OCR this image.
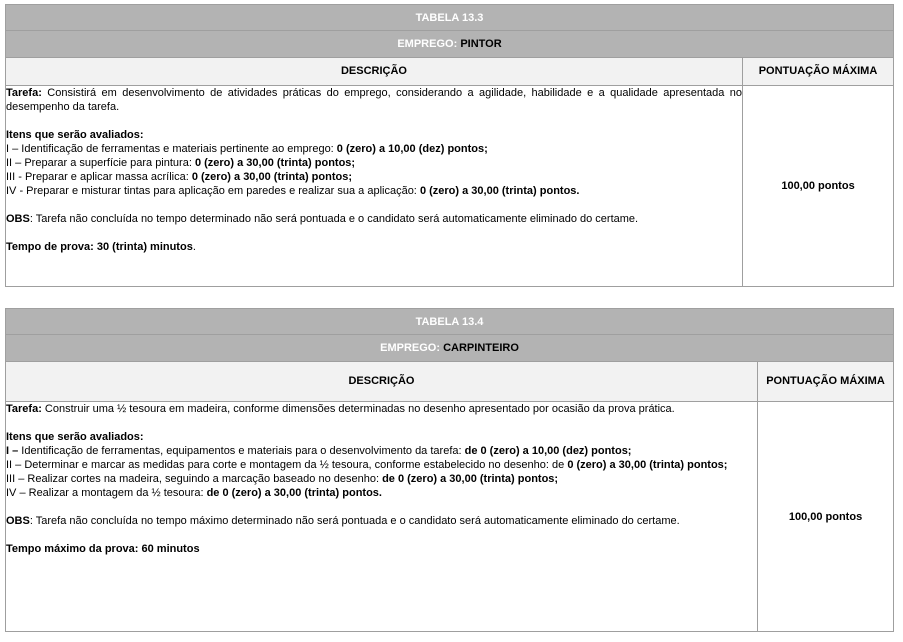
TABELA 13.3	
EMPREGO: PINTOR	
DESCRIÇÃO	PONTUAÇÃO MÁXIMA

Tarefa: Consistirá em desenvolvimento de atividades práticas do emprego, considerando a agilidade, habilidade e a qualidade apresentada no desempenho da tarefa.

Itens que serão avaliados:

I – Identificação de ferramentas e materiais pertinente ao emprego: 0 (zero) a 10,00 (dez) pontos;

II – Preparar a superfície para pintura: 0 (zero) a 30,00 (trinta) pontos;

III - Preparar e aplicar massa acrílica: 0 (zero) a 30,00 (trinta) pontos;

IV - Preparar e misturar tintas para aplicação em paredes e realizar sua a aplicação: 0 (zero) a 30,00 (trinta) pontos.

OBS: Tarefa não concluída no tempo determinado não será pontuada e o candidato será automaticamente eliminado do certame.

Tempo de prova: 30 (trinta) minutos.

	100,00 pontos
TABELA 13.4	
EMPREGO: CARPINTEIRO	
DESCRIÇÃO	PONTUAÇÃO MÁXIMA

Tarefa: Construir uma ½ tesoura em madeira, conforme dimensões determinadas no desenho apresentado por ocasião da prova prática.

Itens que serão avaliados:

I – Identificação de ferramentas, equipamentos e materiais para o desenvolvimento da tarefa: de 0 (zero) a 10,00 (dez) pontos;

II – Determinar e marcar as medidas para corte e montagem da ½ tesoura, conforme estabelecido no desenho: de 0 (zero) a 30,00 (trinta) pontos;

III – Realizar cortes na madeira, seguindo a marcação baseado no desenho: de 0 (zero) a 30,00 (trinta) pontos;

IV – Realizar a montagem da ½ tesoura: de 0 (zero) a 30,00 (trinta) pontos.

OBS: Tarefa não concluída no tempo máximo determinado não será pontuada e o candidato será automaticamente eliminado do certame.

Tempo máximo da prova: 60 minutos

	100,00 pontos
